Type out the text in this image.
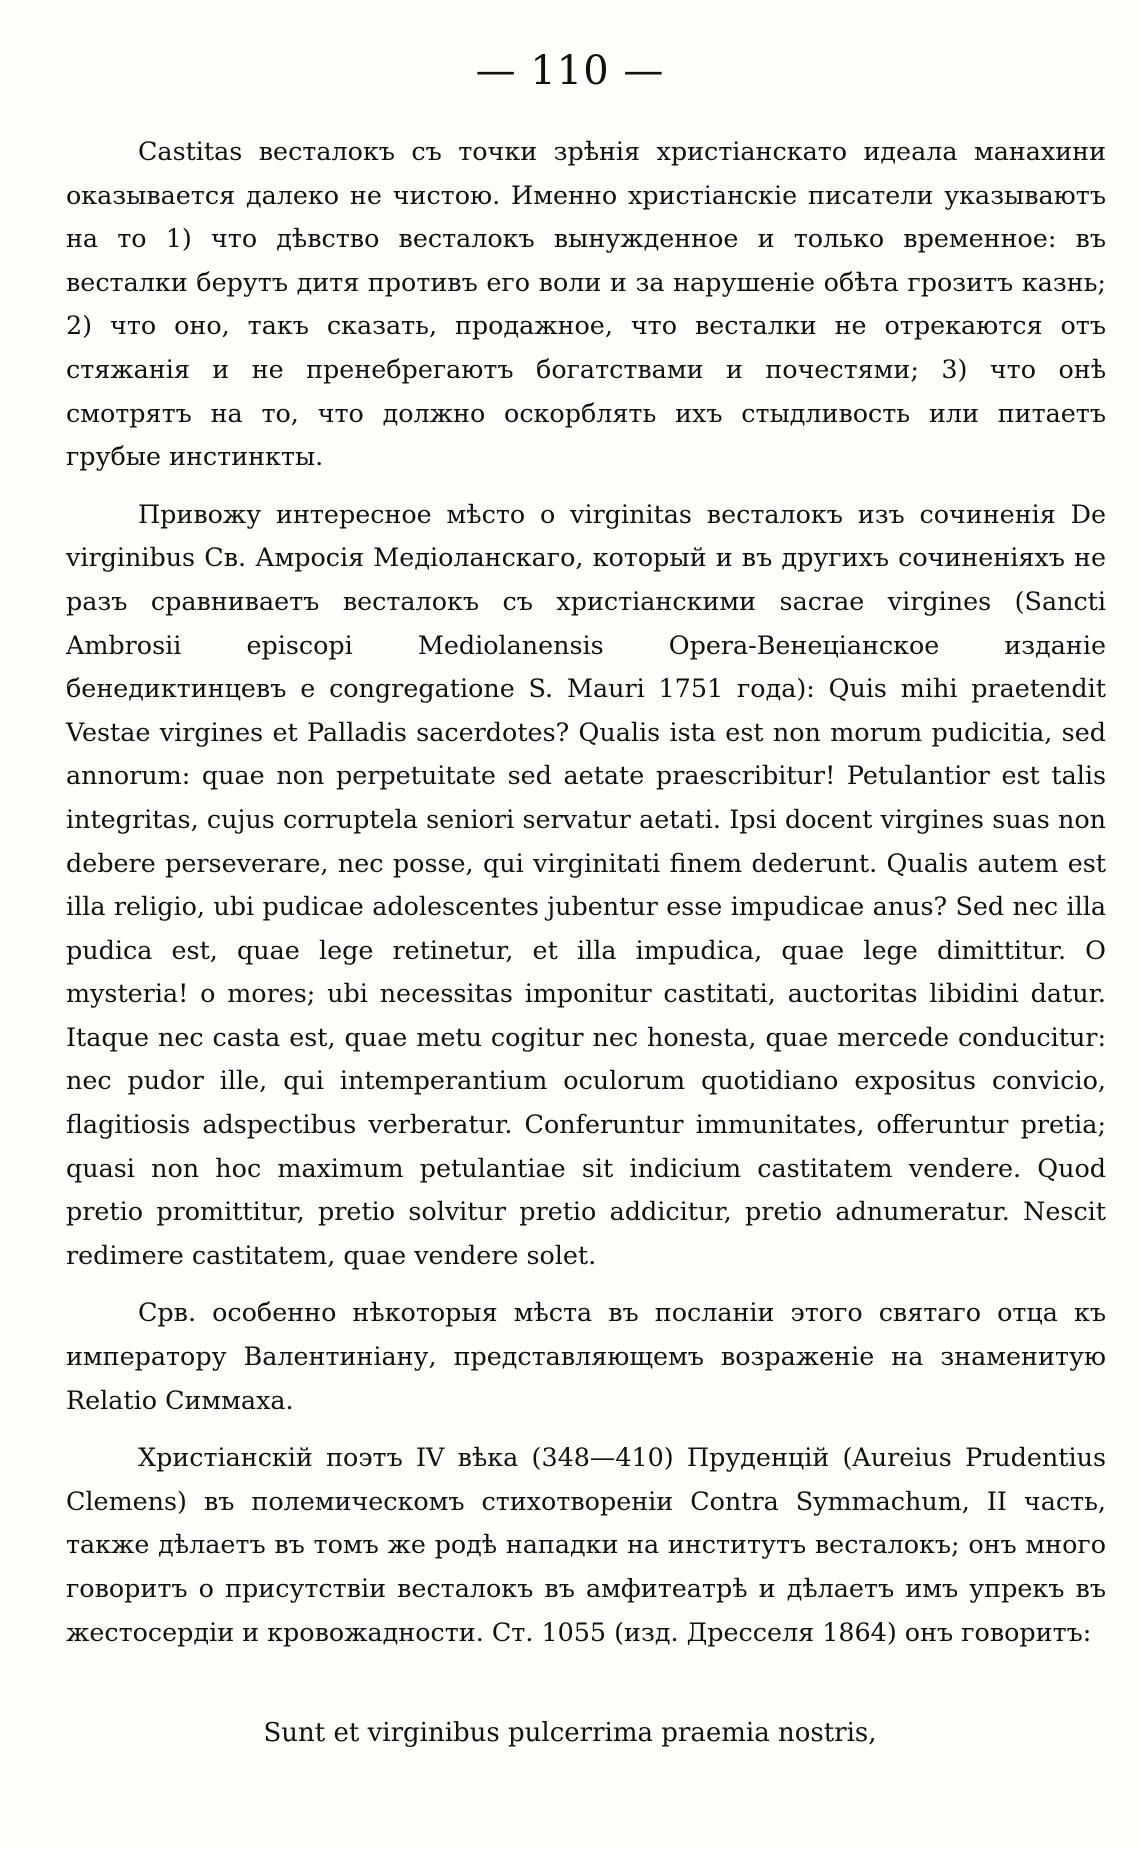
— 110 —

Castitas весталокъ съ точки зрѣнія христіанскато идеала манахини оказывается далеко не чистою. Именно христіанскіе писатели указываютъ на то 1) что дѣвство весталокъ вынужденное и только временное: въ весталки берутъ дитя противъ его воли и за нарушеніе обѣта грозитъ казнь; 2) что оно, такъ сказать, продажное, что весталки не отрекаются отъ стяжанія и не пренебрегаютъ богатствами и почестями; 3) что онѣ смотрятъ на то, что должно оскорблять ихъ стыдливость или питаетъ грубые инстинкты.

Привожу интересное мѣсто о virginitas весталокъ изъ сочиненія De virginibus Св. Амросія Медіоланскаго, который и въ другихъ сочиненіяхъ не разъ сравниваетъ весталокъ съ христіанскими sacrae virgines (Sancti Ambrosii episcopi Mediolanensis Opera-Венеціанское изданіе бенедиктинцевъ e congregatione S. Mauri 1751 года): Quis mihi praetendit Vestae virgines et Palladis sacerdotes? Qualis ista est non morum pudicitia, sed annorum: quae non perpetuitate sed aetate praescribitur! Petulantior est talis integritas, cujus corruptela seniori servatur aetati. Ipsi docent virgines suas non debere perseverare, nec posse, qui virginitati finem dederunt. Qualis autem est illa religio, ubi pudicae adolescentes jubentur esse impudicae anus? Sed nec illa pudica est, quae lege retinetur, et illa impudica, quae lege dimittitur. O mysteria! o mores; ubi necessitas imponitur castitati, auctoritas libidini datur. Itaque nec casta est, quae metu cogitur nec honesta, quae mercede conducitur: nec pudor ille, qui intemperantium oculorum quotidiano expositus convicio, flagitiosis adspectibus verberatur. Conferuntur immunitates, offeruntur pretia; quasi non hoc maximum petulantiae sit indicium castitatem vendere. Quod pretio promittitur, pretio solvitur pretio addicitur, pretio adnumeratur. Nescit redimere castitatem, quae vendere solet.

Срв. особенно нѣкоторыя мѣста въ посланіи этого святаго отца къ императору Валентиніану, представляющемъ возраженіе на знаменитую Relatio Симмаха.

Христіанскій поэтъ IV вѣка (348—410) Пруденцій (Aureius Prudentius Clemens) въ полемическомъ стихотвореніи Contra Symmachum, II часть, также дѣлаетъ въ томъ же родѣ нападки на институтъ весталокъ; онъ много говоритъ о присутствіи весталокъ въ амфитеатрѣ и дѣлаетъ имъ упрекъ въ жестосердіи и кровожадности. Ст. 1055 (изд. Дресселя 1864) онъ говоритъ:

Sunt et virginibus pulcerrima praemia nostris,
